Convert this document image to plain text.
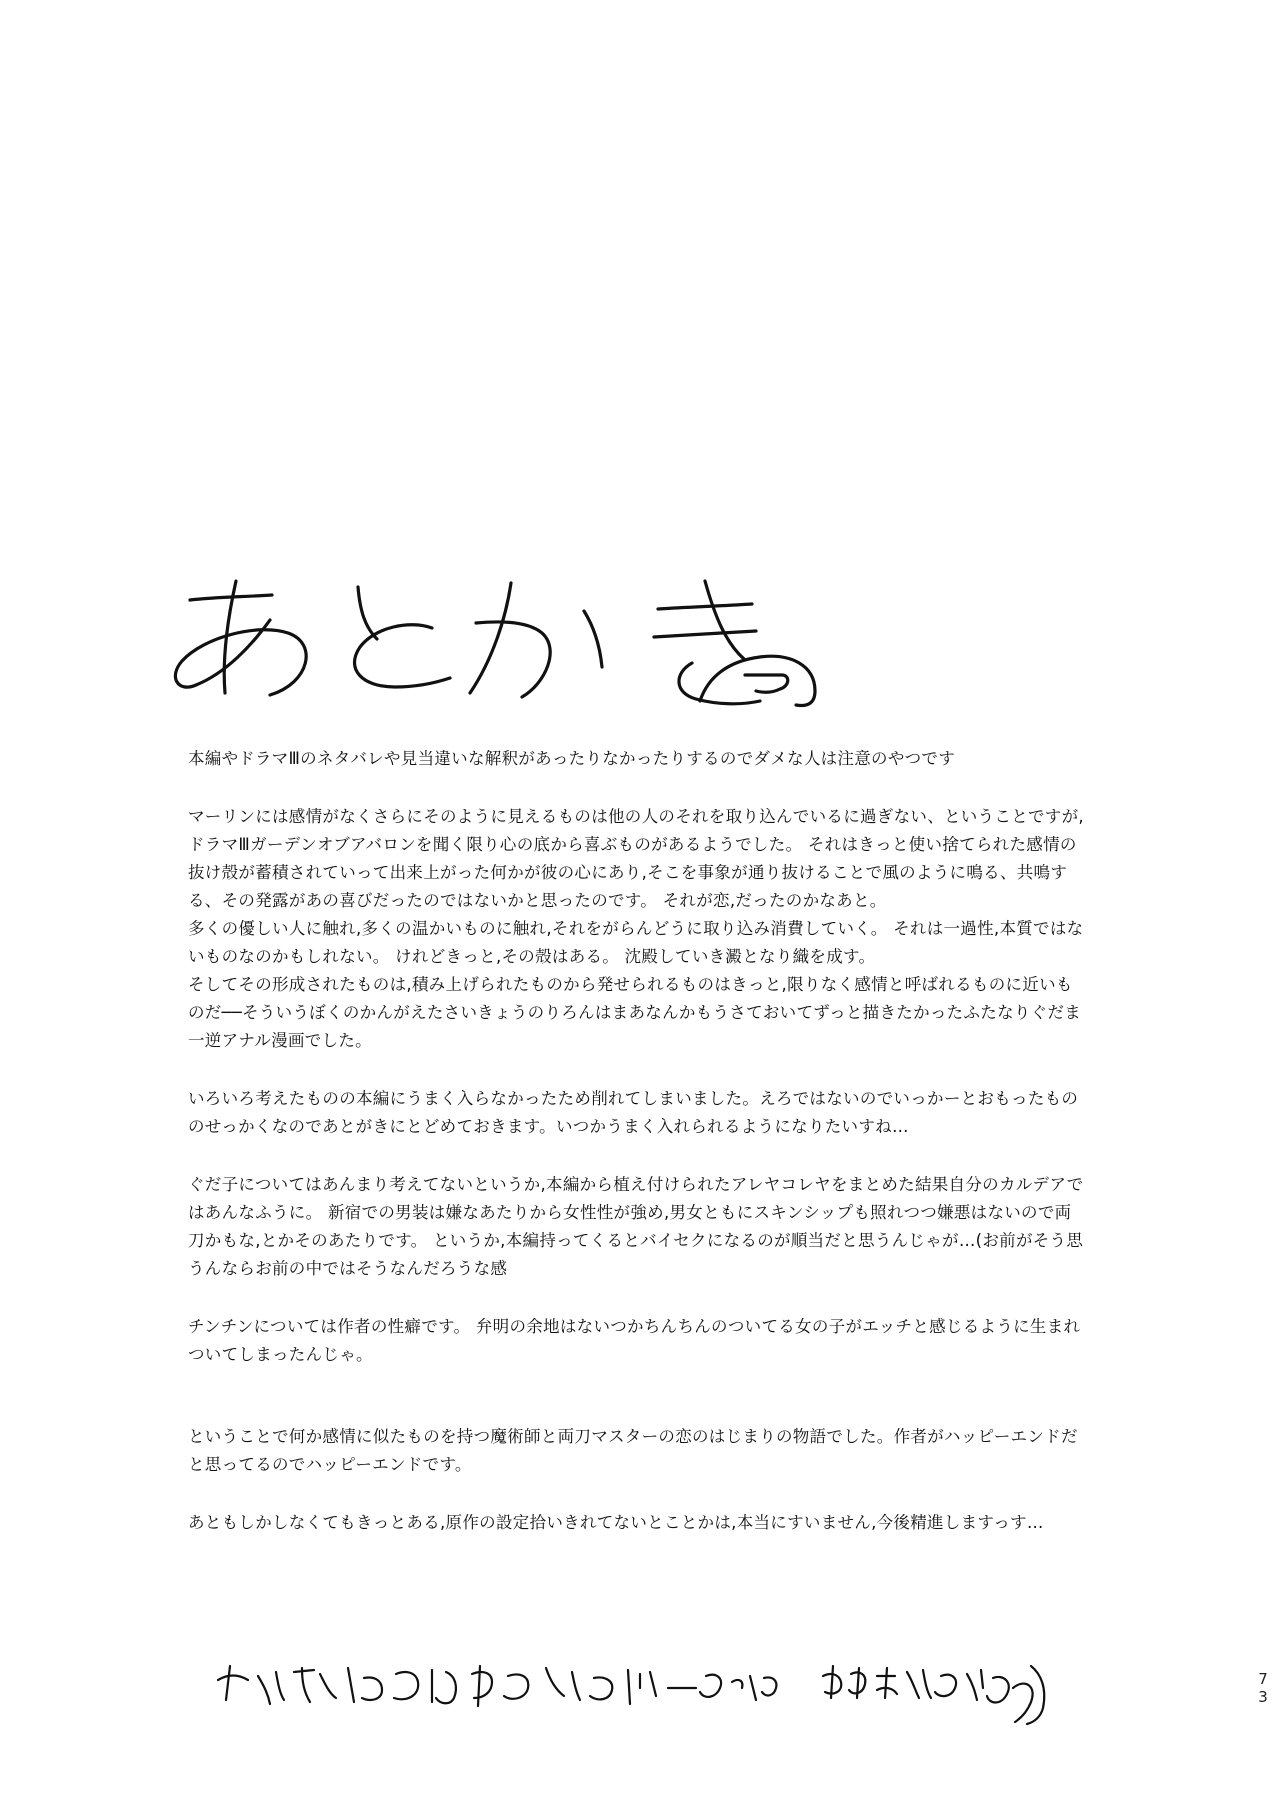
本編やドラマⅢのネタバレや見当違いな解釈があったりなかったりするのでダメな人は注意のやつです

マーリンには感情がなくさらにそのように見えるものは他の人のそれを取り込んでいるに過ぎない、ということですが,ドラマⅢガーデンオブアバロンを聞く限り心の底から喜ぶものがあるようでした。 それはきっと使い捨てられた感情の抜け殻が蓄積されていって出来上がった何かが彼の心にあり,そこを事象が通り抜けることで風のように鳴る、共鳴する、その発露があの喜びだったのではないかと思ったのです。 それが恋,だったのかなあと。

多くの優しい人に触れ,多くの温かいものに触れ,それをがらんどうに取り込み消費していく。 それは一過性,本質ではないものなのかもしれない。 けれどきっと,その殻はある。 沈殿していき澱となり織を成す。

そしてその形成されたものは,積み上げられたものから発せられるものはきっと,限りなく感情と呼ばれるものに近いものだ──そういうぼくのかんがえたさいきょうのりろんはまあなんかもうさておいてずっと描きたかったふたなりぐだま一逆アナル漫画でした。

いろいろ考えたものの本編にうまく入らなかったため削れてしまいました。えろではないのでいっかーとおもったもののせっかくなのであとがきにとどめておきます。いつかうまく入れられるようになりたいすね…

ぐだ子についてはあんまり考えてないというか,本編から植え付けられたアレヤコレヤをまとめた結果自分のカルデアではあんなふうに。 新宿での男装は嫌なあたりから女性性が強め,男女ともにスキンシップも照れつつ嫌悪はないので両刀かもな,とかそのあたりです。 というか,本編持ってくるとバイセクになるのが順当だと思うんじゃが…(お前がそう思うんならお前の中ではそうなんだろうな感

チンチンについては作者の性癖です。 弁明の余地はないつかちんちんのついてる女の子がエッチと感じるように生まれついてしまったんじゃ。

ということで何か感情に似たものを持つ魔術師と両刀マスターの恋のはじまりの物語でした。作者がハッピーエンドだと思ってるのでハッピーエンドです。

あともしかしなくてもきっとある,原作の設定拾いきれてないとことかは,本当にすいません,今後精進しますっす…

7
3
